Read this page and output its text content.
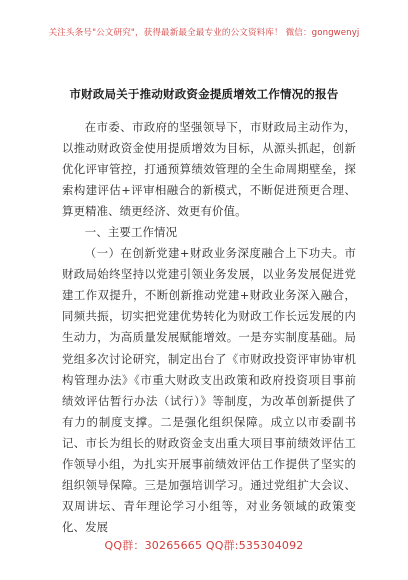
关注头条号"公文研究"，获得最新最全最专业的公文资料库！ 微信：gongwenyj
市财政局关于推动财政资金提质增效工作情况的报告

在市委、市政府的坚强领导下，市财政局主动作为，以推动财政资金使用提质增效为目标，从源头抓起，创新优化评审管控，打通预算绩效管理的全生命周期壁垒，探索构建评估+评审相融合的新模式，不断促进预更合理、算更精准、绩更经济、效更有价值。

一、主要工作情况

（一）在创新党建+财政业务深度融合上下功夫。市财政局始终坚持以党建引领业务发展，以业务发展促进党建工作双提升，不断创新推动党建+财政业务深入融合，同频共振，切实把党建优势转化为财政工作长远发展的内生动力，为高质量发展赋能增效。一是夯实制度基础。局党组多次讨论研究，制定出台了《市财政投资评审协审机构管理办法》《市重大财政支出政策和政府投资项目事前绩效评估暂行办法（试行）》等制度，为改革创新提供了有力的制度支撑。二是强化组织保障。成立以市委副书记、市长为组长的财政资金支出重大项目事前绩效评估工作领导小组，为扎实开展事前绩效评估工作提供了坚实的组织领导保障。三是加强培训学习。通过党组扩大会议、双周讲坛、青年理论学习小组等，对业务领域的政策变化、发展

QQ群：30265665 QQ群:535304092
